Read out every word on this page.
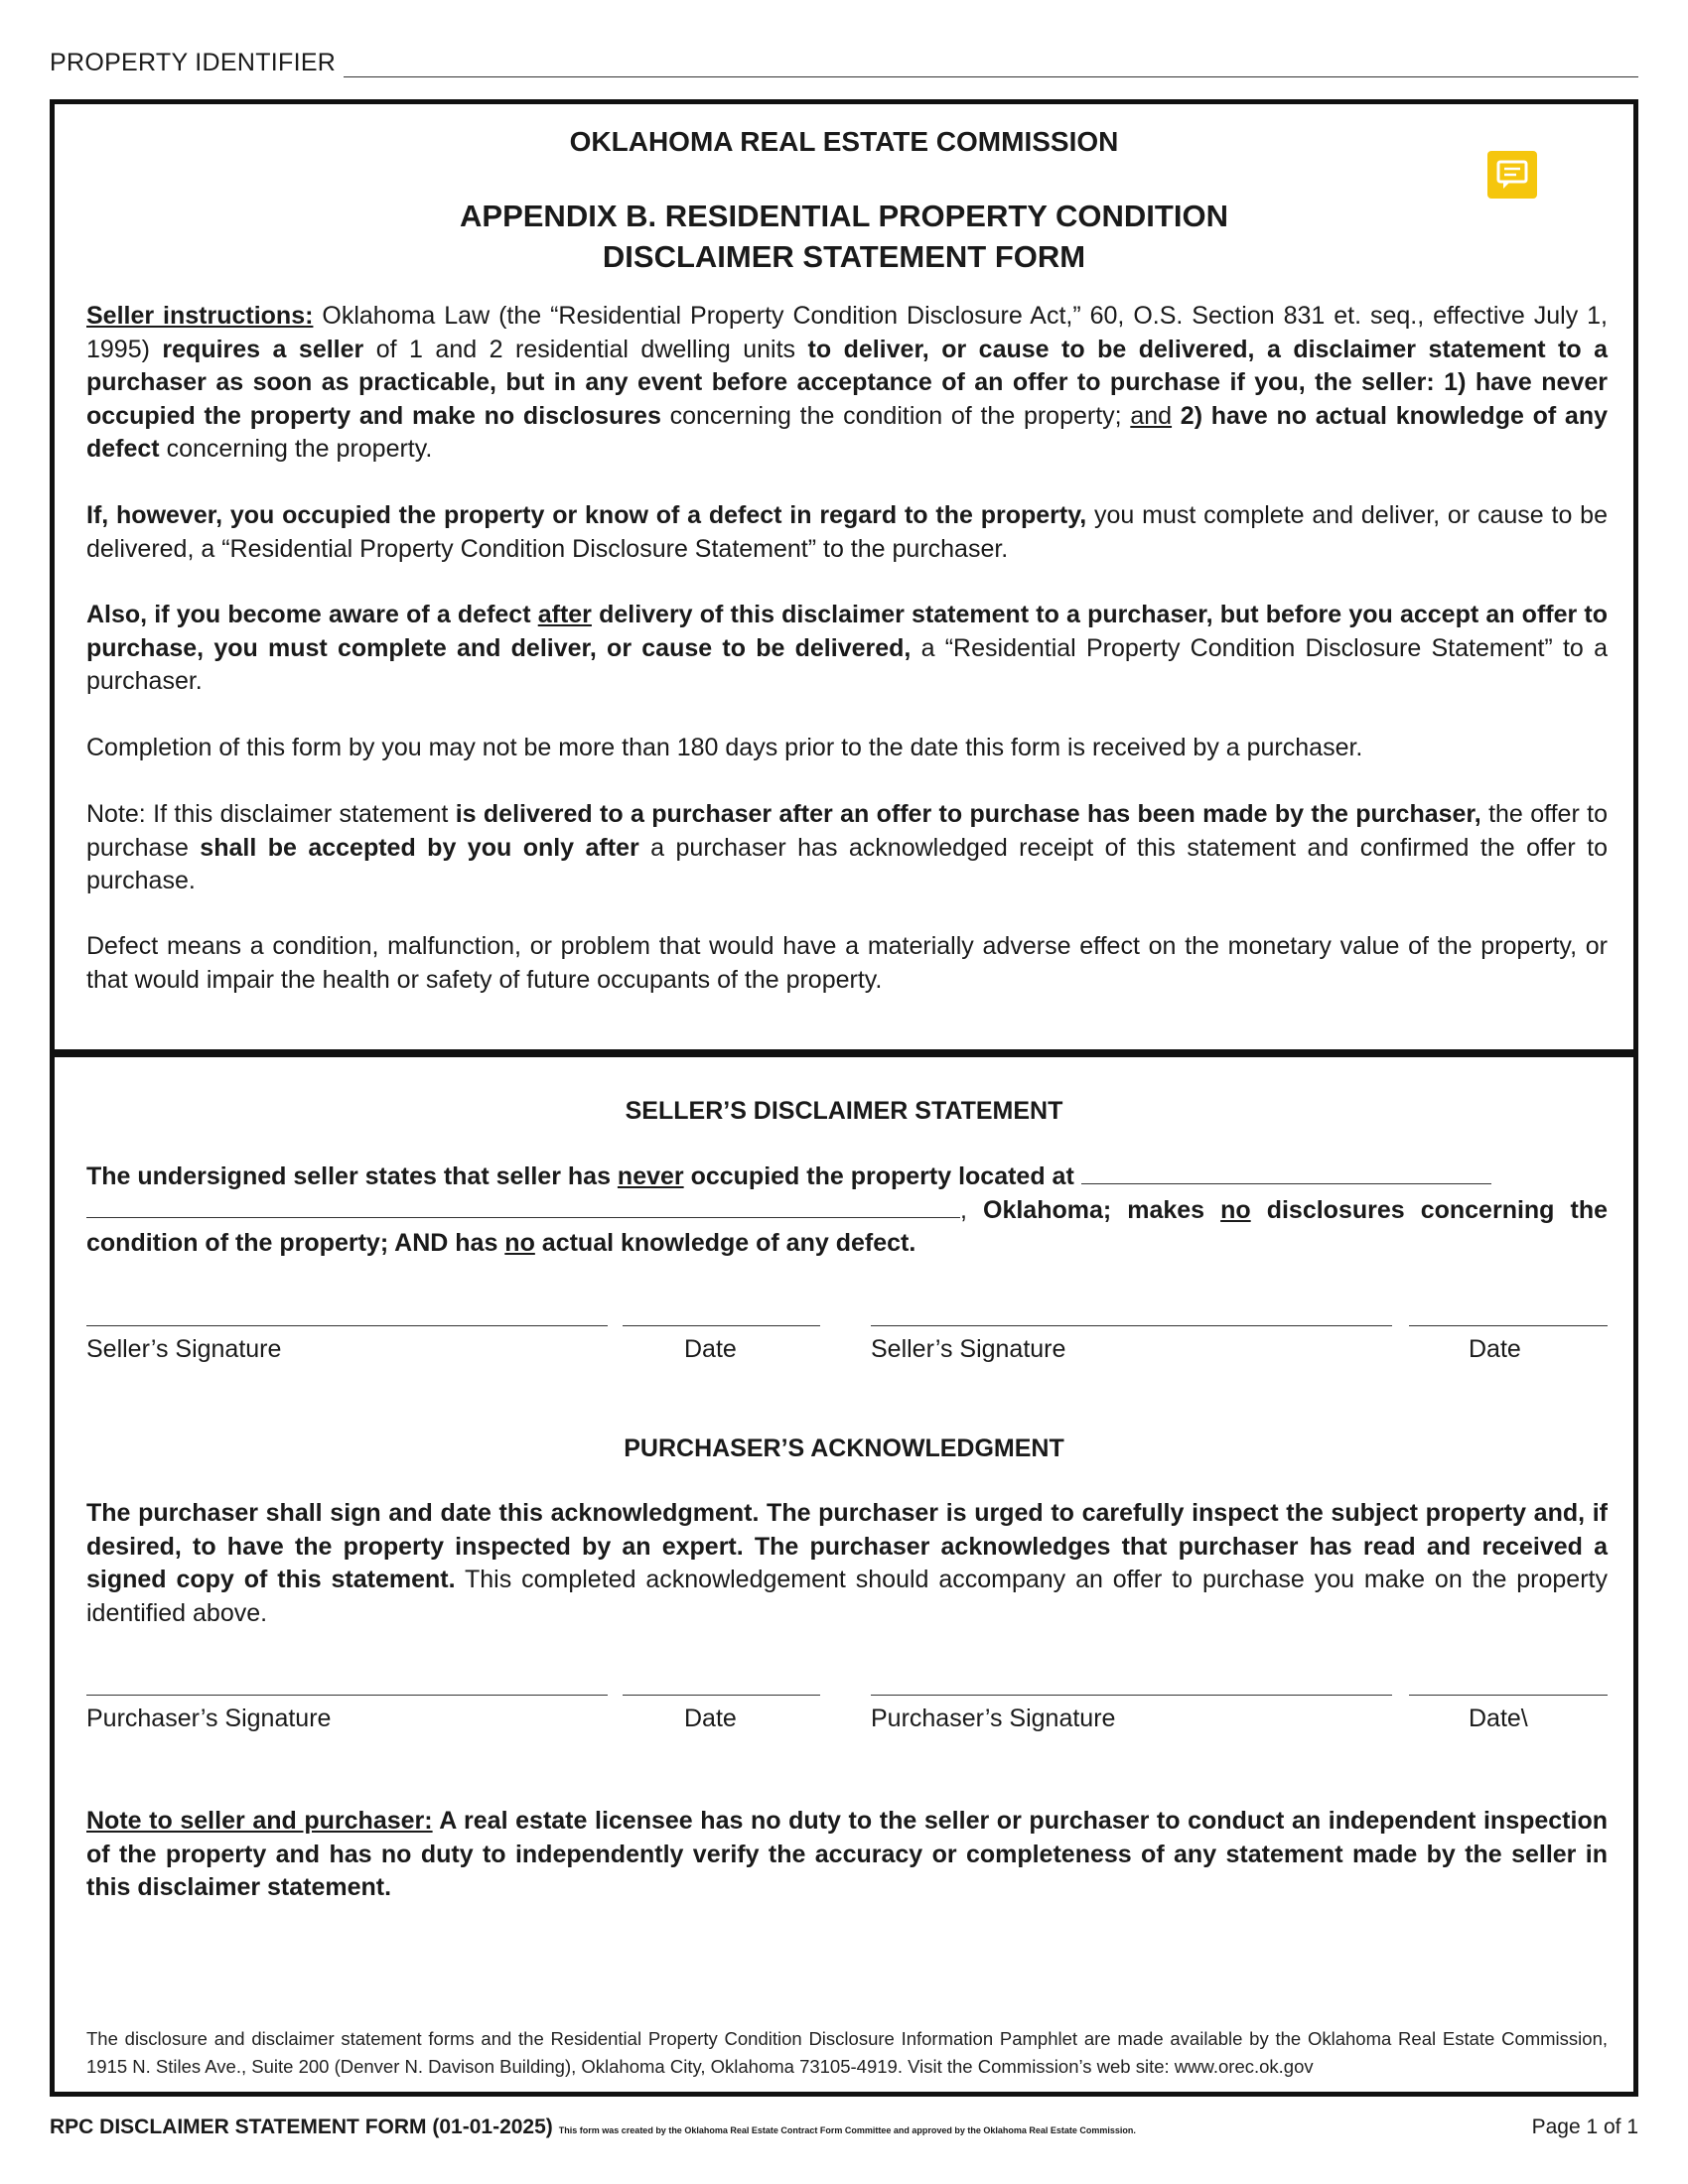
PROPERTY IDENTIFIER
OKLAHOMA REAL ESTATE COMMISSION
APPENDIX B. RESIDENTIAL PROPERTY CONDITION
DISCLAIMER STATEMENT FORM
Seller instructions: Oklahoma Law (the “Residential Property Condition Disclosure Act,” 60, O.S. Section 831 et. seq., effective July 1, 1995) requires a seller of 1 and 2 residential dwelling units to deliver, or cause to be delivered, a disclaimer statement to a purchaser as soon as practicable, but in any event before acceptance of an offer to purchase if you, the seller: 1) have never occupied the property and make no disclosures concerning the condition of the property; and 2) have no actual knowledge of any defect concerning the property.
If, however, you occupied the property or know of a defect in regard to the property, you must complete and deliver, or cause to be delivered, a “Residential Property Condition Disclosure Statement” to the purchaser.
Also, if you become aware of a defect after delivery of this disclaimer statement to a purchaser, but before you accept an offer to purchase, you must complete and deliver, or cause to be delivered, a “Residential Property Condition Disclosure Statement” to a purchaser.
Completion of this form by you may not be more than 180 days prior to the date this form is received by a purchaser.
Note: If this disclaimer statement is delivered to a purchaser after an offer to purchase has been made by the purchaser, the offer to purchase shall be accepted by you only after a purchaser has acknowledged receipt of this statement and confirmed the offer to purchase.
Defect means a condition, malfunction, or problem that would have a materially adverse effect on the monetary value of the property, or that would impair the health or safety of future occupants of the property.
SELLER’S DISCLAIMER STATEMENT
The undersigned seller states that seller has never occupied the property located at
, Oklahoma; makes no disclosures concerning the condition of the property; AND has no actual knowledge of any defect.
Seller’s Signature	Date	Seller’s Signature	Date
PURCHASER’S ACKNOWLEDGMENT
The purchaser shall sign and date this acknowledgment. The purchaser is urged to carefully inspect the subject property and, if desired, to have the property inspected by an expert. The purchaser acknowledges that purchaser has read and received a signed copy of this statement. This completed acknowledgement should accompany an offer to purchase you make on the property identified above.
Purchaser’s Signature	Date	Purchaser’s Signature	Date\
Note to seller and purchaser: A real estate licensee has no duty to the seller or purchaser to conduct an independent inspection of the property and has no duty to independently verify the accuracy or completeness of any statement made by the seller in this disclaimer statement.
The disclosure and disclaimer statement forms and the Residential Property Condition Disclosure Information Pamphlet are made available by the Oklahoma Real Estate Commission, 1915 N. Stiles Ave., Suite 200 (Denver N. Davison Building), Oklahoma City, Oklahoma 73105-4919. Visit the Commission’s web site: www.orec.ok.gov
RPC DISCLAIMER STATEMENT FORM (01-01-2025) This form was created by the Oklahoma Real Estate Contract Form Committee and approved by the Oklahoma Real Estate Commission.	Page 1 of 1
